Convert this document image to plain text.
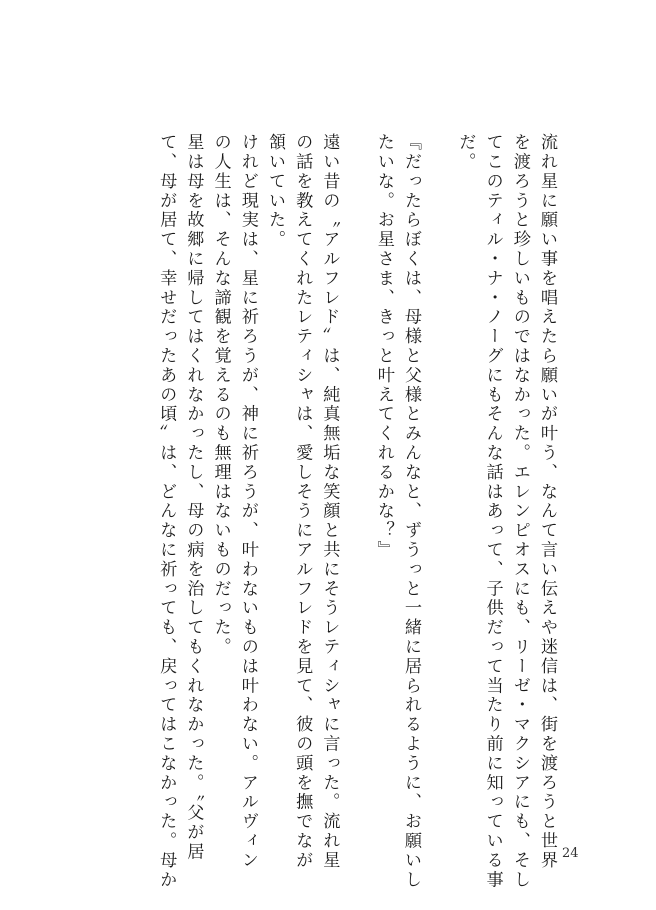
流れ星に願い事を唱えたら願いが叶う、なんて言い伝えや迷信は、街を渡ろうと世界

を渡ろうと珍しいものではなかった。エレンピオスにも、リーゼ・マクシアにも、そし

てこのティル・ナ・ノーグにもそんな話はあって、子供だって当たり前に知っている事

だ。

『だったらぼくは、母様と父様とみんなと、ずうっと一緒に居られるように、お願いし

たいな。お星さま、きっと叶えてくれるかな？』

遠い昔の〝アルフレド〟は、純真無垢な笑顔と共にそうレティシャに言った。流れ星

の話を教えてくれたレティシャは、愛しそうにアルフレドを見て、彼の頭を撫でなが

頷いていた。

けれど現実は、星に祈ろうが、神に祈ろうが、叶わないものは叶わない。アルヴィン

の人生は、そんな諦観を覚えるのも無理はないものだった。

星は母を故郷に帰してはくれなかったし、母の病を治してもくれなかった。〝父が居

て、母が居て、幸せだったあの頃〟は、どんなに祈っても、戻ってはこなかった。母か	24
